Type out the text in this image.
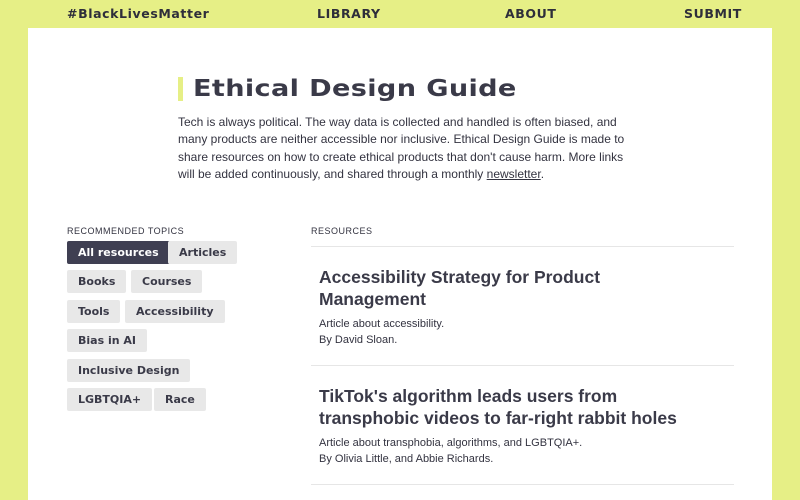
#BlackLivesMatter	LIBRARY	ABOUT	SUBMIT
Ethical Design Guide

Tech is always political. The way data is collected and handled is often biased, and many products are neither accessible nor inclusive. Ethical Design Guide is made to share resources on how to create ethical products that don't cause harm. More links will be added continuously, and shared through a monthly newsletter.

RECOMMENDED TOPICS
All resources	Articles
Books	Courses
Tools	Accessibility
Bias in AI
Inclusive Design
LGBTQIA+	Race
RESOURCES
Accessibility Strategy for Product Management
Article about accessibility.
By David Sloan.
TikTok's algorithm leads users from transphobic videos to far-right rabbit holes
Article about transphobia, algorithms, and LGBTQIA+.
By Olivia Little, and Abbie Richards.
